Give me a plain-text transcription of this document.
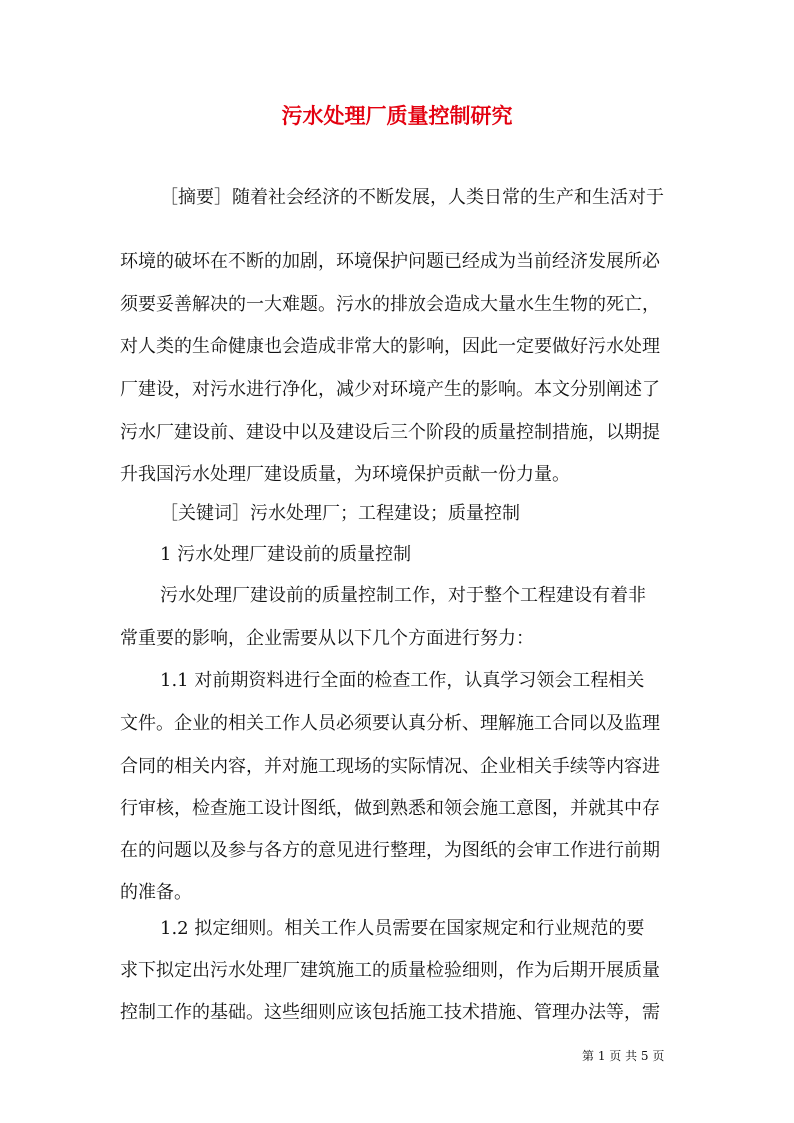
污水处理厂质量控制研究
［摘要］随着社会经济的不断发展，人类日常的生产和生活对于
环境的破坏在不断的加剧，环境保护问题已经成为当前经济发展所必
须要妥善解决的一大难题。污水的排放会造成大量水生生物的死亡，
对人类的生命健康也会造成非常大的影响，因此一定要做好污水处理
厂建设，对污水进行净化，减少对环境产生的影响。本文分别阐述了
污水厂建设前、建设中以及建设后三个阶段的质量控制措施，以期提
升我国污水处理厂建设质量，为环境保护贡献一份力量。
［关键词］污水处理厂；工程建设；质量控制
1 污水处理厂建设前的质量控制
污水处理厂建设前的质量控制工作，对于整个工程建设有着非
常重要的影响，企业需要从以下几个方面进行努力：
1.1 对前期资料进行全面的检查工作，认真学习领会工程相关
文件。企业的相关工作人员必须要认真分析、理解施工合同以及监理
合同的相关内容，并对施工现场的实际情况、企业相关手续等内容进
行审核，检查施工设计图纸，做到熟悉和领会施工意图，并就其中存
在的问题以及参与各方的意见进行整理，为图纸的会审工作进行前期
的准备。
1.2 拟定细则。相关工作人员需要在国家规定和行业规范的要
求下拟定出污水处理厂建筑施工的质量检验细则，作为后期开展质量
控制工作的基础。这些细则应该包括施工技术措施、管理办法等，需
第 1 页 共 5 页
